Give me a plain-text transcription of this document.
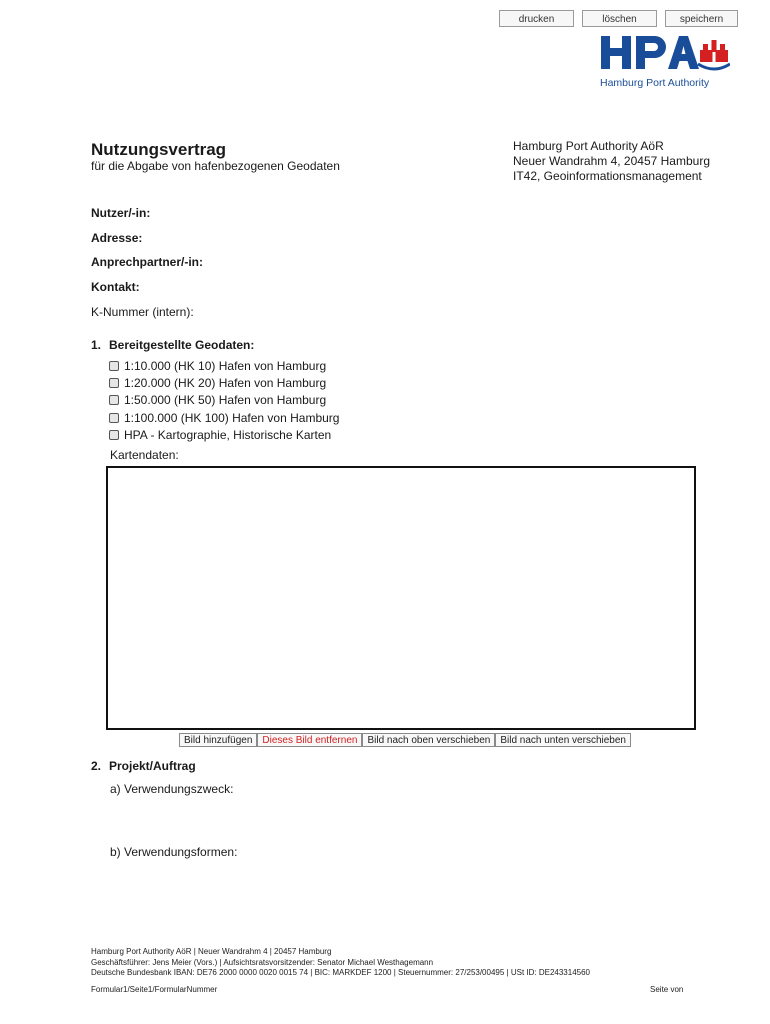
drucken	löschen	speichern
Hamburg Port Authority
Nutzungsvertrag
für die Abgabe von hafenbezogenen Geodaten
Hamburg Port Authority AöR
Neuer Wandrahm 4, 20457 Hamburg
IT42, Geoinformationsmanagement
Nutzer/-in:
Adresse:
Anprechpartner/-in:
Kontakt:
K-Nummer (intern):
1. Bereitgestellte Geodaten:
1:10.000 (HK 10) Hafen von Hamburg
1:20.000 (HK 20) Hafen von Hamburg
1:50.000 (HK 50) Hafen von Hamburg
1:100.000 (HK 100) Hafen von Hamburg
HPA - Kartographie, Historische Karten
Kartendaten:
Bild hinzufügen	Dieses Bild entfernen	Bild nach oben verschieben	Bild nach unten verschieben
2. Projekt/Auftrag
a) Verwendungszweck:
b) Verwendungsformen:
Hamburg Port Authority AöR | Neuer Wandrahm 4 | 20457 Hamburg
Geschäftsführer: Jens Meier (Vors.) | Aufsichtsratsvorsitzender: Senator Michael Westhagemann
Deutsche Bundesbank IBAN: DE76 2000 0000 0020 0015 74 | BIC: MARKDEF 1200 | Steuernummer: 27/253/00495 | USt ID: DE243314560
Formular1/Seite1/FormularNummer	Seite von
